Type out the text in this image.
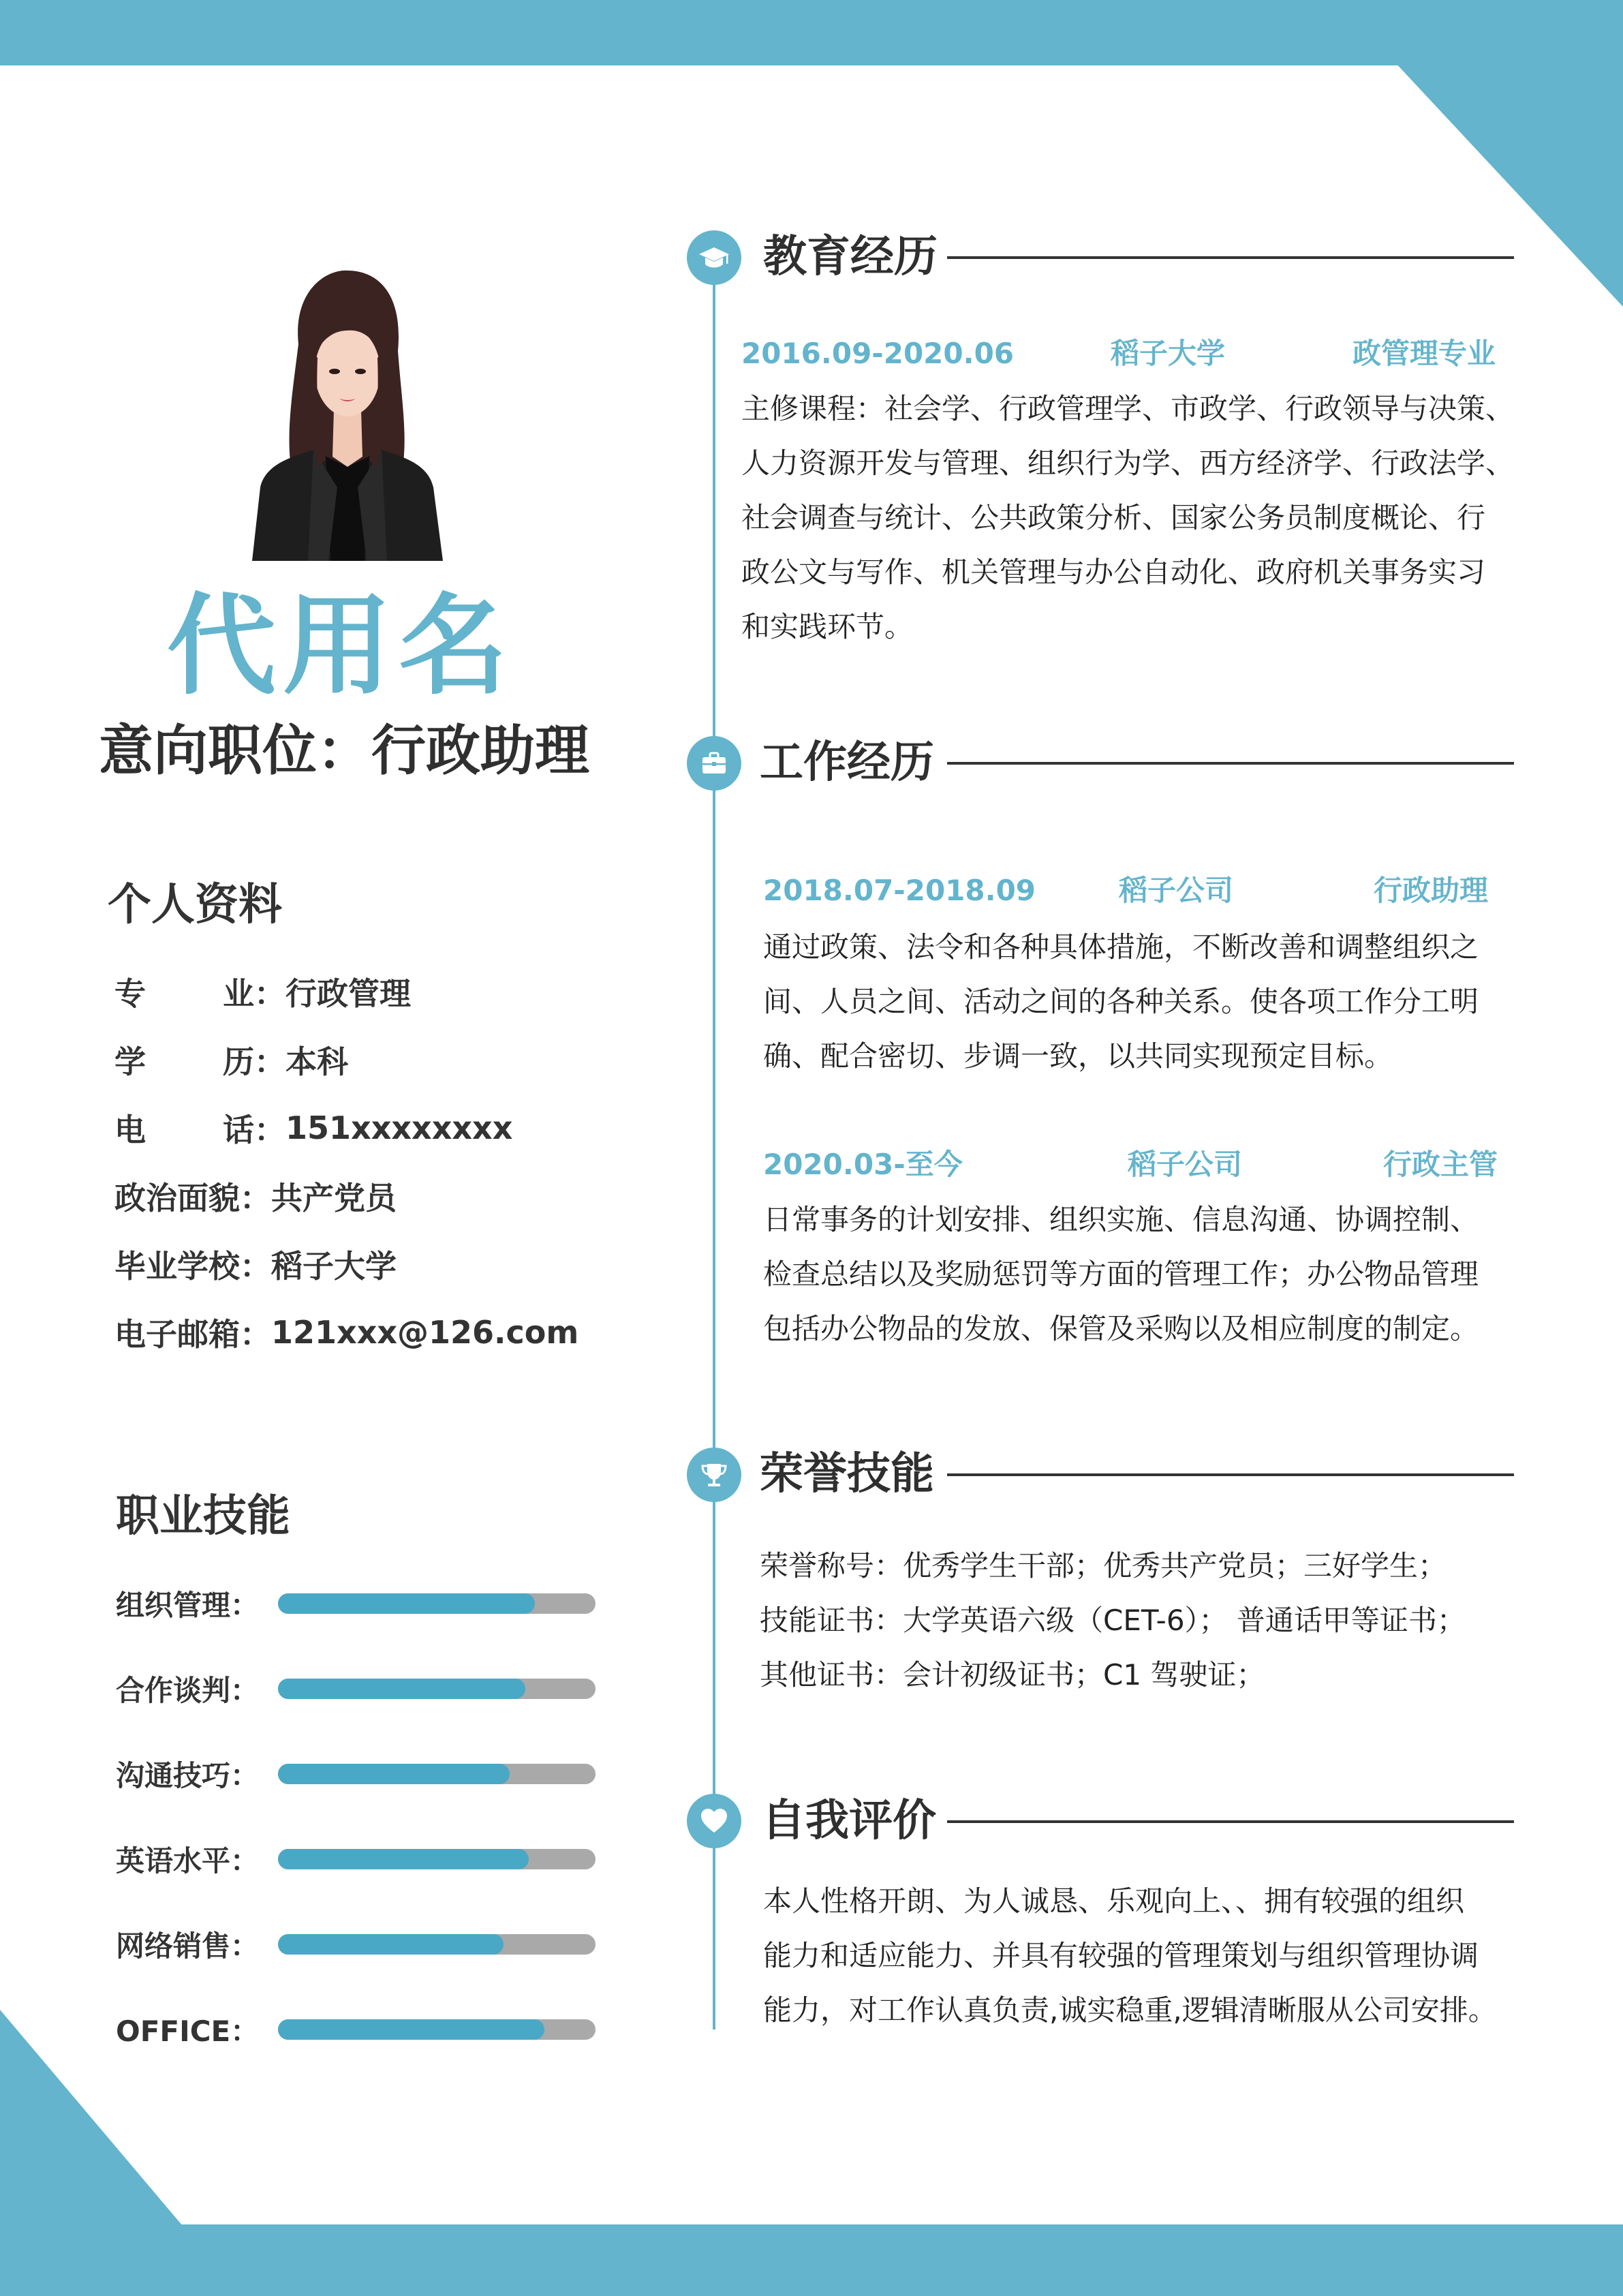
代用名
意向职位：行政助理
个人资料
专 业 ： 行政管理
学 历 ： 本科
电 话 ： 151xxxxxxxx
政治面貌： 共产党员
毕业学校： 稻子大学
电子邮箱： 121xxx@126.com
职业技能
组织管理：
合作谈判：
沟通技巧：
英语水平：
网络销售：
OFFICE：
教育经历
2016.09-2020.06	稻子大学	政管理专业
主修课程：社会学、行政管理学、市政学、行政领导与决策、
人力资源开发与管理、组织行为学、西方经济学、行政法学、
社会调查与统计、公共政策分析、国家公务员制度概论、行
政公文与写作、机关管理与办公自动化、政府机关事务实习
和实践环节。
工作经历
2018.07-2018.09	稻子公司	行政助理
通过政策、法令和各种具体措施，不断改善和调整组织之
间、人员之间、活动之间的各种关系。使各项工作分工明
确、配合密切、步调一致，以共同实现预定目标。
2020.03-至今	稻子公司	行政主管
日常事务的计划安排、组织实施、信息沟通、协调控制、
检查总结以及奖励惩罚等方面的管理工作；办公物品管理
包括办公物品的发放、保管及采购以及相应制度的制定。
荣誉技能
荣誉称号：优秀学生干部；优秀共产党员；三好学生；
技能证书：大学英语六级（CET-6）； 普通话甲等证书；
其他证书：会计初级证书；C1 驾驶证；
自我评价
本人性格开朗、为人诚恳、乐观向上、、拥有较强的组织
能力和适应能力、并具有较强的管理策划与组织管理协调
能力，对工作认真负责,诚实稳重,逻辑清晰服从公司安排。
